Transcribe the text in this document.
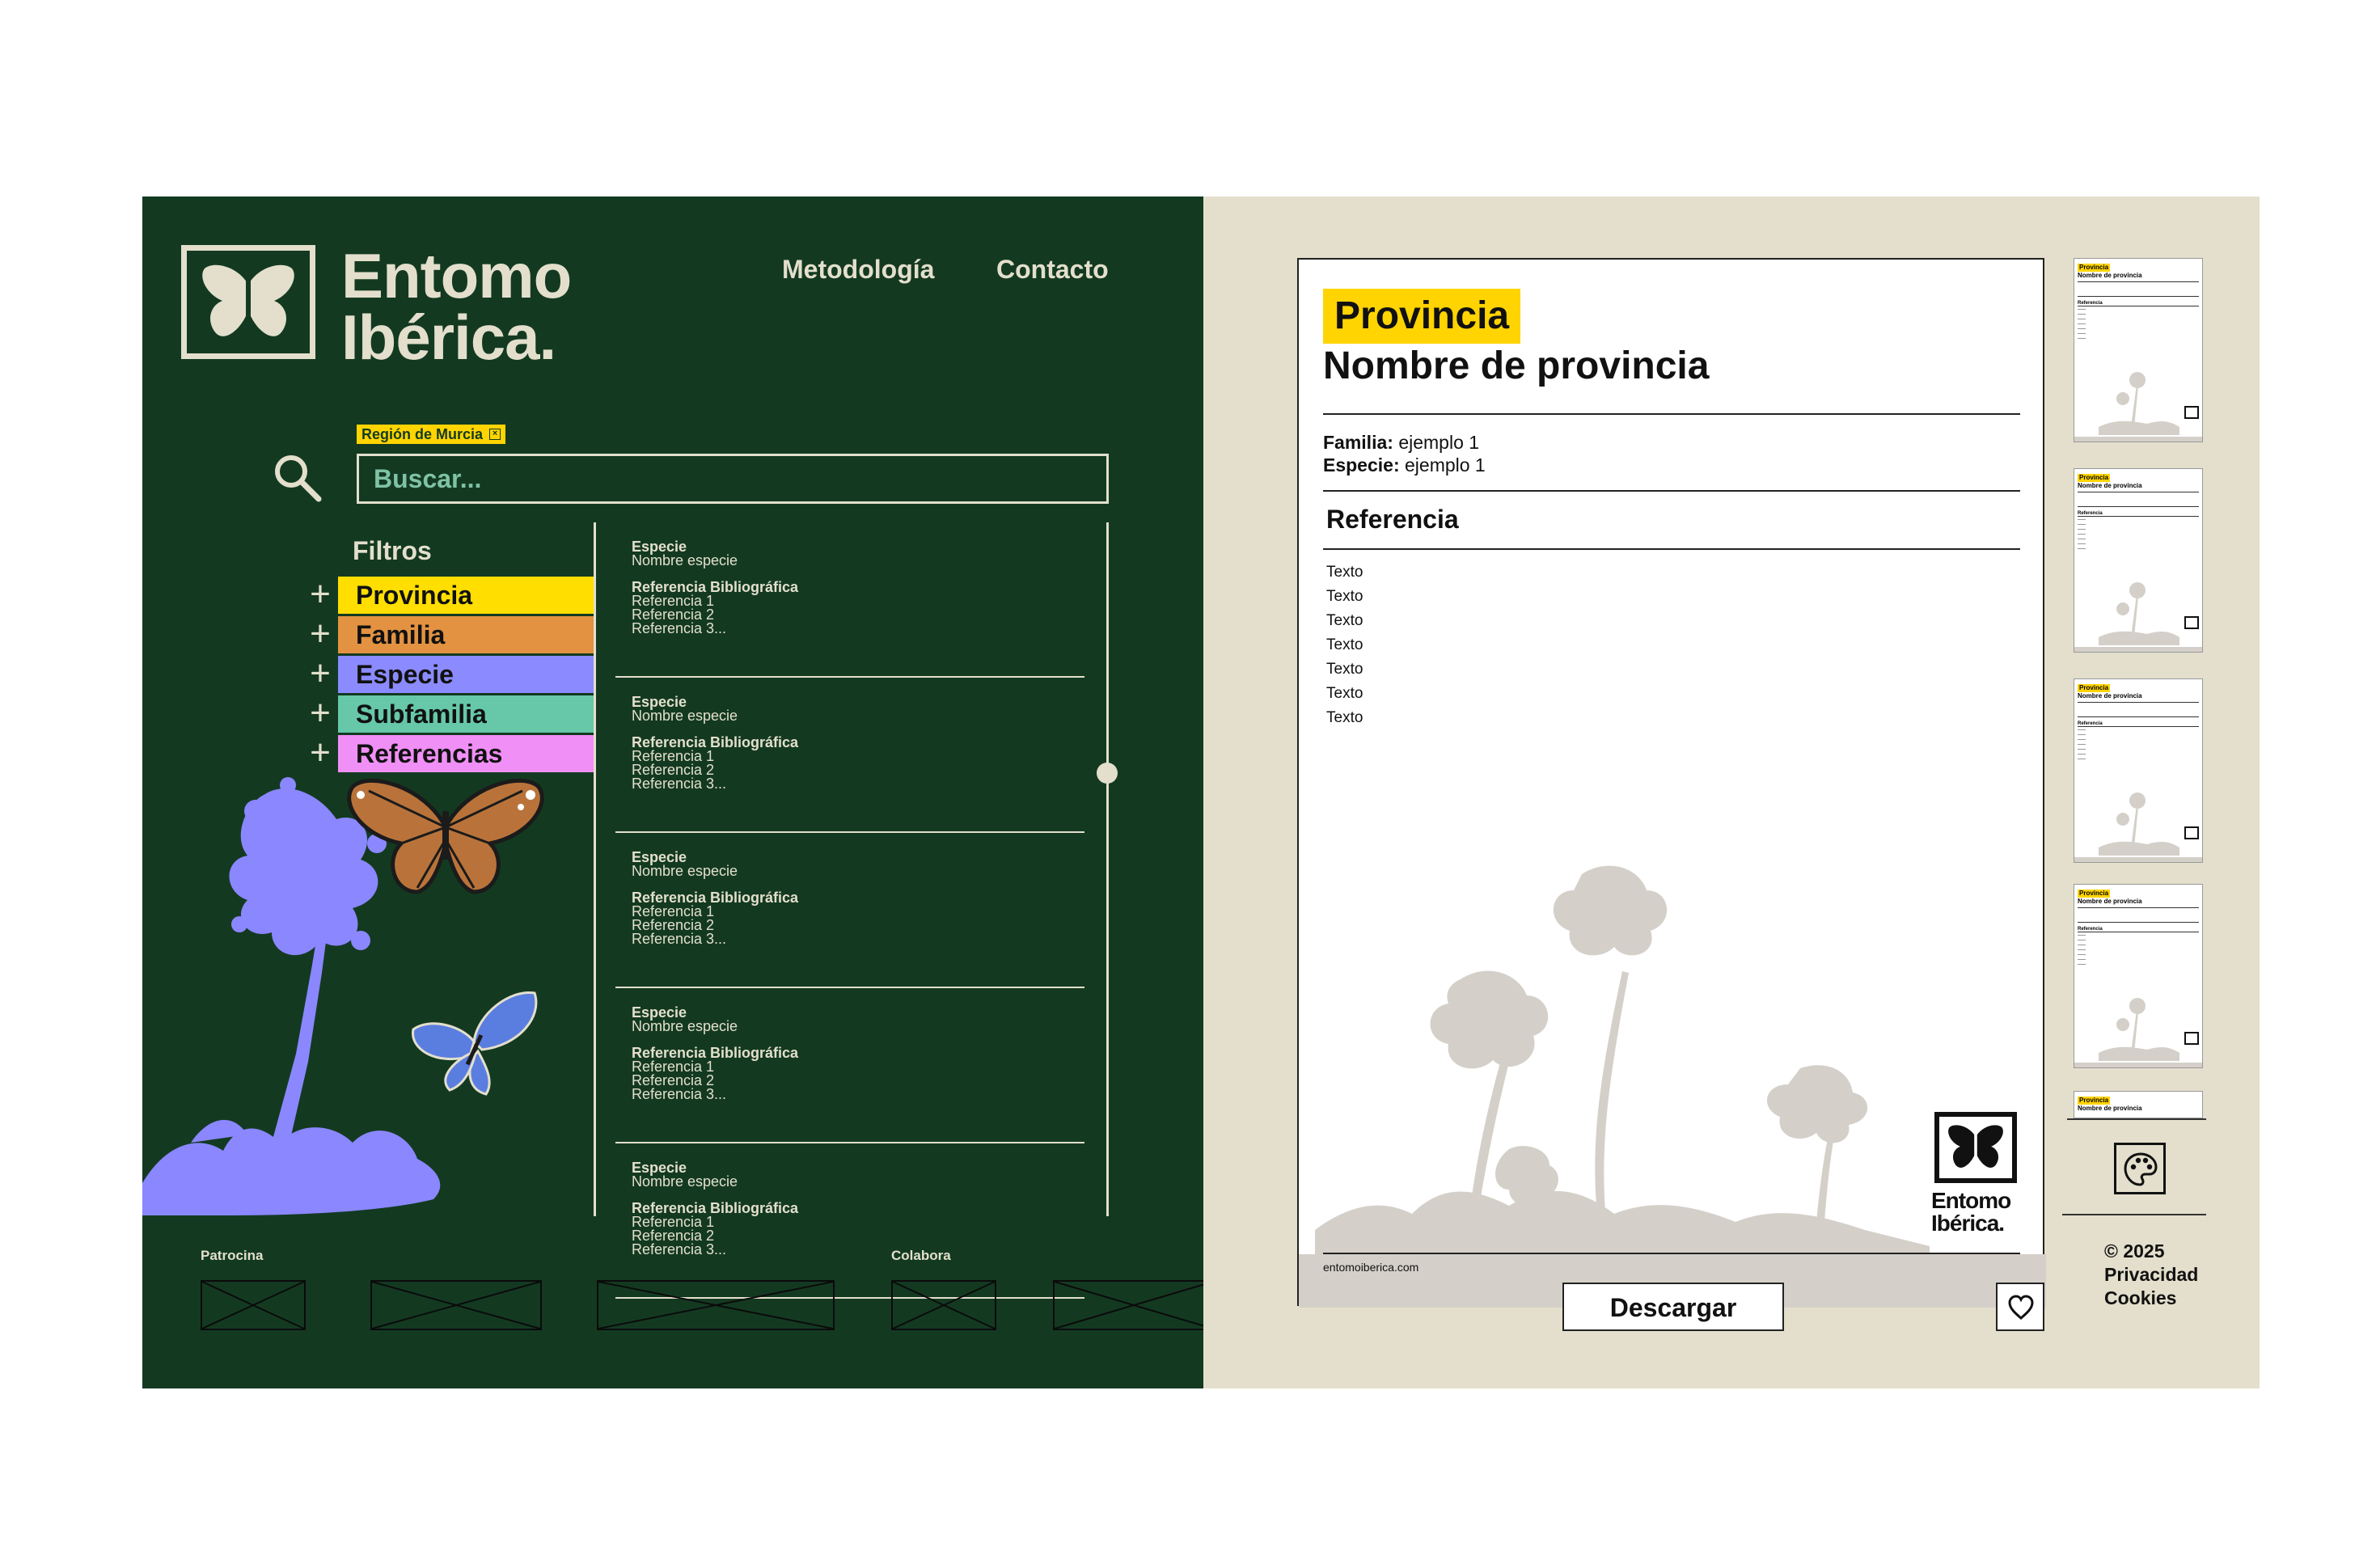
Entomo
Ibérica.
Metodología Contacto
Región de Murcia	×
Buscar...
Filtros
+ Provincia
+ Familia
+ Especie
+ Subfamilia
+ Referencias
Especie
Nombre especie
Referencia Bibliográfica
Referencia 1
Referencia 2
Referencia 3...
Especie
Nombre especie
Referencia Bibliográfica
Referencia 1
Referencia 2
Referencia 3...
Especie
Nombre especie
Referencia Bibliográfica
Referencia 1
Referencia 2
Referencia 3...
Especie
Nombre especie
Referencia Bibliográfica
Referencia 1
Referencia 2
Referencia 3...
Especie
Nombre especie
Referencia Bibliográfica
Referencia 1
Referencia 2
Referencia 3...
Patrocina	Colabora
Provincia
Nombre de provincia
Familia: ejemplo 1
Especie: ejemplo 1
Referencia
Texto
Texto
Texto
Texto
Texto
Texto
Texto
Entomo
Ibérica.
entomoiberica.com
Descargar
Provincia
Nombre de provincia
Referencia
Provincia
Nombre de provincia
Referencia
Provincia
Nombre de provincia
Referencia
Provincia
Nombre de provincia
Referencia
Provincia
Nombre de provincia
© 2025
Privacidad
Cookies
